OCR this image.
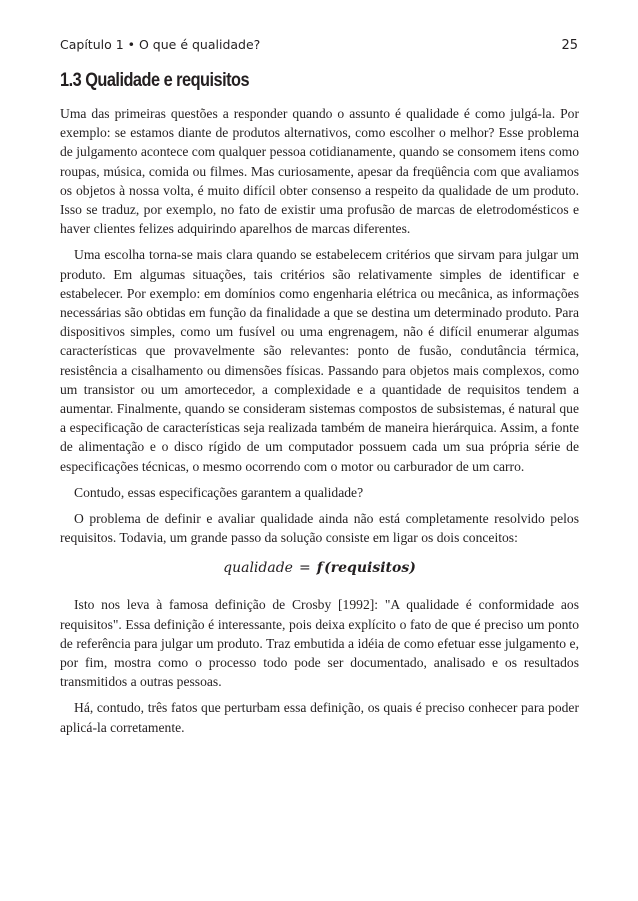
Capítulo 1 • O que é qualidade?	25
1.3 Qualidade e requisitos

Uma das primeiras questões a responder quando o assunto é qualidade é como julgá-la. Por exemplo: se estamos diante de produtos alternativos, como escolher o melhor? Esse problema de julgamento acontece com qualquer pessoa cotidianamente, quando se consomem itens como roupas, música, comida ou filmes. Mas curiosamente, apesar da freqüência com que avaliamos os objetos à nossa volta, é muito difícil obter consenso a respeito da qualidade de um produto. Isso se traduz, por exemplo, no fato de existir uma profusão de marcas de eletrodomésticos e haver clientes felizes adquirindo aparelhos de marcas diferentes.

Uma escolha torna-se mais clara quando se estabelecem critérios que sirvam para julgar um produto. Em algumas situações, tais critérios são relativamente simples de identificar e estabelecer. Por exemplo: em domínios como engenharia elétrica ou mecânica, as informações necessárias são obtidas em função da finalidade a que se destina um determinado produto. Para dispositivos simples, como um fusível ou uma engrenagem, não é difícil enumerar algumas características que provavelmente são relevantes: ponto de fusão, condutância térmica, resistência a cisalhamento ou dimensões físicas. Passando para objetos mais complexos, como um transistor ou um amortecedor, a complexidade e a quantidade de requisitos tendem a aumentar. Finalmente, quando se consideram sistemas compostos de subsistemas, é natural que a especificação de características seja realizada também de maneira hierárquica. Assim, a fonte de alimentação e o disco rígido de um computador possuem cada um sua própria série de especificações técnicas, o mesmo ocorrendo com o motor ou carburador de um carro.

Contudo, essas especificações garantem a qualidade?

O problema de definir e avaliar qualidade ainda não está completamente resolvido pelos requisitos. Todavia, um grande passo da solução consiste em ligar os dois conceitos:

qualidade = f (requisitos)

Isto nos leva à famosa definição de Crosby [1992]: "A qualidade é conformidade aos requisitos". Essa definição é interessante, pois deixa explícito o fato de que é preciso um ponto de referência para julgar um produto. Traz embutida a idéia de como efetuar esse julgamento e, por fim, mostra como o processo todo pode ser documentado, analisado e os resultados transmitidos a outras pessoas.

Há, contudo, três fatos que perturbam essa definição, os quais é preciso conhecer para poder aplicá-la corretamente.
